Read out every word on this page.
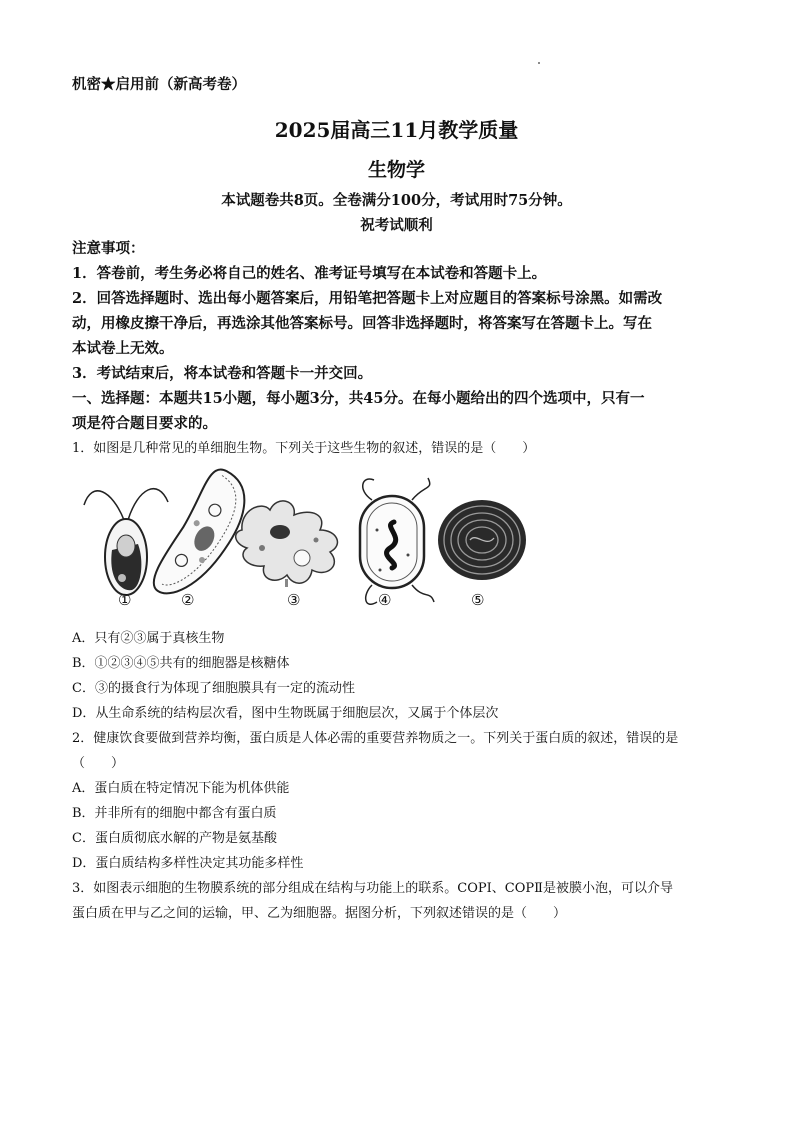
机密★启用前（新高考卷）
2025届高三11月教学质量
生物学
本试题卷共8页。全卷满分100分，考试用时75分钟。
祝考试顺利
注意事项：
1．答卷前，考生务必将自己的姓名、准考证号填写在本试卷和答题卡上。
2．回答选择题时、选出每小题答案后，用铅笔把答题卡上对应题目的答案标号涂黑。如需改
动，用橡皮擦干净后，再选涂其他答案标号。回答非选择题时，将答案写在答题卡上。写在
本试卷上无效。
3．考试结束后，将本试卷和答题卡一并交回。
一、选择题：本题共15小题，每小题3分，共45分。在每小题给出的四个选项中，只有一
项是符合题目要求的。
1．如图是几种常见的单细胞生物。下列关于这些生物的叙述，错误的是（　　）
①	②	③	④	⑤
A．只有②③属于真核生物
B．①②③④⑤共有的细胞器是核糖体
C．③的摄食行为体现了细胞膜具有一定的流动性
D．从生命系统的结构层次看，图中生物既属于细胞层次，又属于个体层次
2．健康饮食要做到营养均衡，蛋白质是人体必需的重要营养物质之一。下列关于蛋白质的叙述，错误的是
（　　）
A．蛋白质在特定情况下能为机体供能
B．并非所有的细胞中都含有蛋白质
C．蛋白质彻底水解的产物是氨基酸
D．蛋白质结构多样性决定其功能多样性
3．如图表示细胞的生物膜系统的部分组成在结构与功能上的联系。COPⅠ、COPⅡ是被膜小泡，可以介导
蛋白质在甲与乙之间的运输，甲、乙为细胞器。据图分析，下列叙述错误的是（　　）
